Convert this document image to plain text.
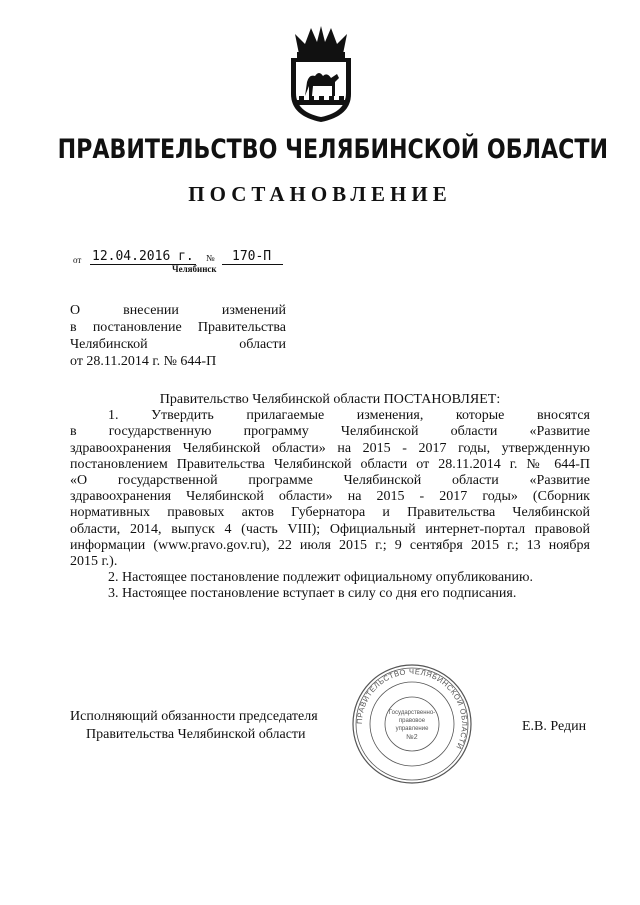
ПРАВИТЕЛЬСТВО ЧЕЛЯБИНСКОЙ ОБЛАСТИ
ПОСТАНОВЛЕНИЕ
от 12.04.2016 г. №	170-П
Челябинск
О внесении изменений
в постановление Правительства
Челябинской области
от 28.11.2014 г. № 644-П
Правительство Челябинской области ПОСТАНОВЛЯЕТ:
1. Утвердить прилагаемые изменения, которые вносятся
в государственную программу Челябинской области «Развитие
здравоохранения Челябинской области» на 2015 - 2017 годы, утвержденную
постановлением Правительства Челябинской области от 28.11.2014 г. № 644-П
«О государственной программе Челябинской области «Развитие
здравоохранения Челябинской области» на 2015 - 2017 годы» (Сборник
нормативных правовых актов Губернатора и Правительства Челябинской
области, 2014, выпуск 4 (часть VIII); Официальный интернет-портал правовой
информации (www.pravo.gov.ru), 22 июля 2015 г.; 9 сентября 2015 г.; 13 ноября
2015 г.).
2. Настоящее постановление подлежит официальному опубликованию.
3. Настоящее постановление вступает в силу со дня его подписания.
Исполняющий обязанности председателя
Правительства Челябинской области
Е.В. Редин
ПРАВИТЕЛЬСТВО ЧЕЛЯБИНСКОЙ ОБЛАСТИ
Государственно-
правовое
управление
№2
